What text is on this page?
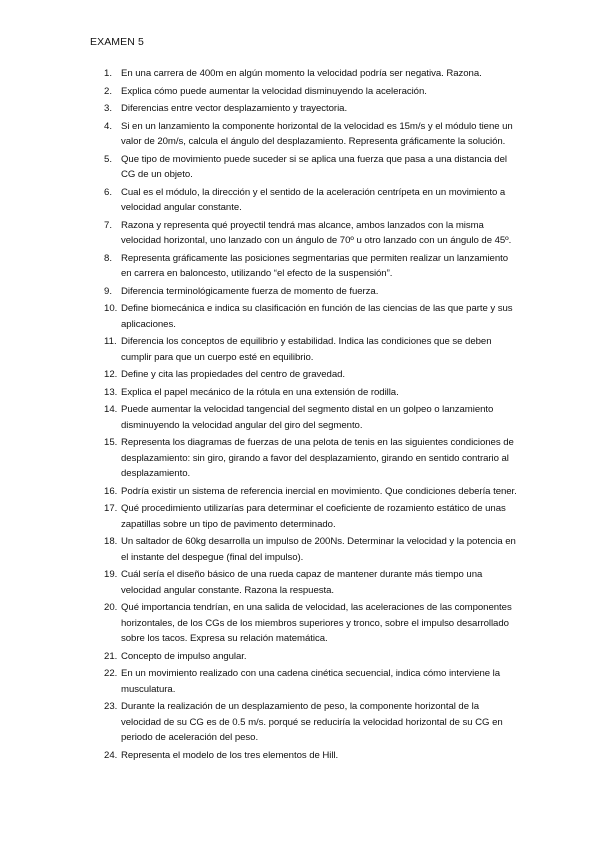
EXAMEN 5
1. En una carrera de 400m en algún momento la velocidad podría ser negativa. Razona.
2. Explica cómo puede aumentar la velocidad disminuyendo la aceleración.
3. Diferencias entre vector desplazamiento y trayectoria.
4. Si en un lanzamiento la componente horizontal de la velocidad es 15m/s y el módulo tiene un valor de 20m/s, calcula el ángulo del desplazamiento. Representa gráficamente la solución.
5. Que tipo de movimiento puede suceder si se aplica una fuerza que pasa a una distancia del CG de un objeto.
6. Cual es el módulo, la dirección y el sentido de la aceleración centrípeta en un movimiento a velocidad angular constante.
7. Razona y representa qué proyectil tendrá mas alcance, ambos lanzados con la misma velocidad horizontal, uno lanzado con un ángulo de 70º u otro lanzado con un ángulo de 45º.
8. Representa gráficamente las posiciones segmentarias que permiten realizar un lanzamiento en carrera en baloncesto, utilizando “el efecto de la suspensión”.
9. Diferencia terminológicamente fuerza de momento de fuerza.
10. Define biomecánica e indica su clasificación en función de las ciencias de las que parte y sus aplicaciones.
11. Diferencia los conceptos de equilibrio y estabilidad. Indica las condiciones que se deben cumplir para que un cuerpo esté en equilibrio.
12. Define y cita las propiedades del centro de gravedad.
13. Explica el papel mecánico de la rótula en una extensión de rodilla.
14. Puede aumentar la velocidad tangencial del segmento distal en un golpeo o lanzamiento disminuyendo la velocidad angular del giro del segmento.
15. Representa los diagramas de fuerzas de una pelota de tenis en las siguientes condiciones de desplazamiento: sin giro, girando a favor del desplazamiento, girando en sentido contrario al desplazamiento.
16. Podría existir un sistema de referencia inercial en movimiento. Que condiciones debería tener.
17. Qué procedimiento utilizarías para determinar el coeficiente de rozamiento estático de unas zapatillas sobre un tipo de pavimento determinado.
18. Un saltador de 60kg desarrolla un impulso de 200Ns. Determinar la velocidad y la potencia en el instante del despegue (final del impulso).
19. Cuál sería el diseño básico de una rueda capaz de mantener durante más tiempo una velocidad angular constante. Razona la respuesta.
20. Qué importancia tendrían, en una salida de velocidad, las aceleraciones de las componentes horizontales, de los CGs de los miembros superiores y tronco, sobre el impulso desarrollado sobre los tacos. Expresa su relación matemática.
21. Concepto de impulso angular.
22. En un movimiento realizado con una cadena cinética secuencial, indica cómo interviene la musculatura.
23. Durante la realización de un desplazamiento de peso, la componente horizontal de la velocidad de su CG es de 0.5 m/s. porqué se reduciría la velocidad horizontal de su CG en periodo de aceleración del peso.
24. Representa el modelo de los tres elementos de Hill.
